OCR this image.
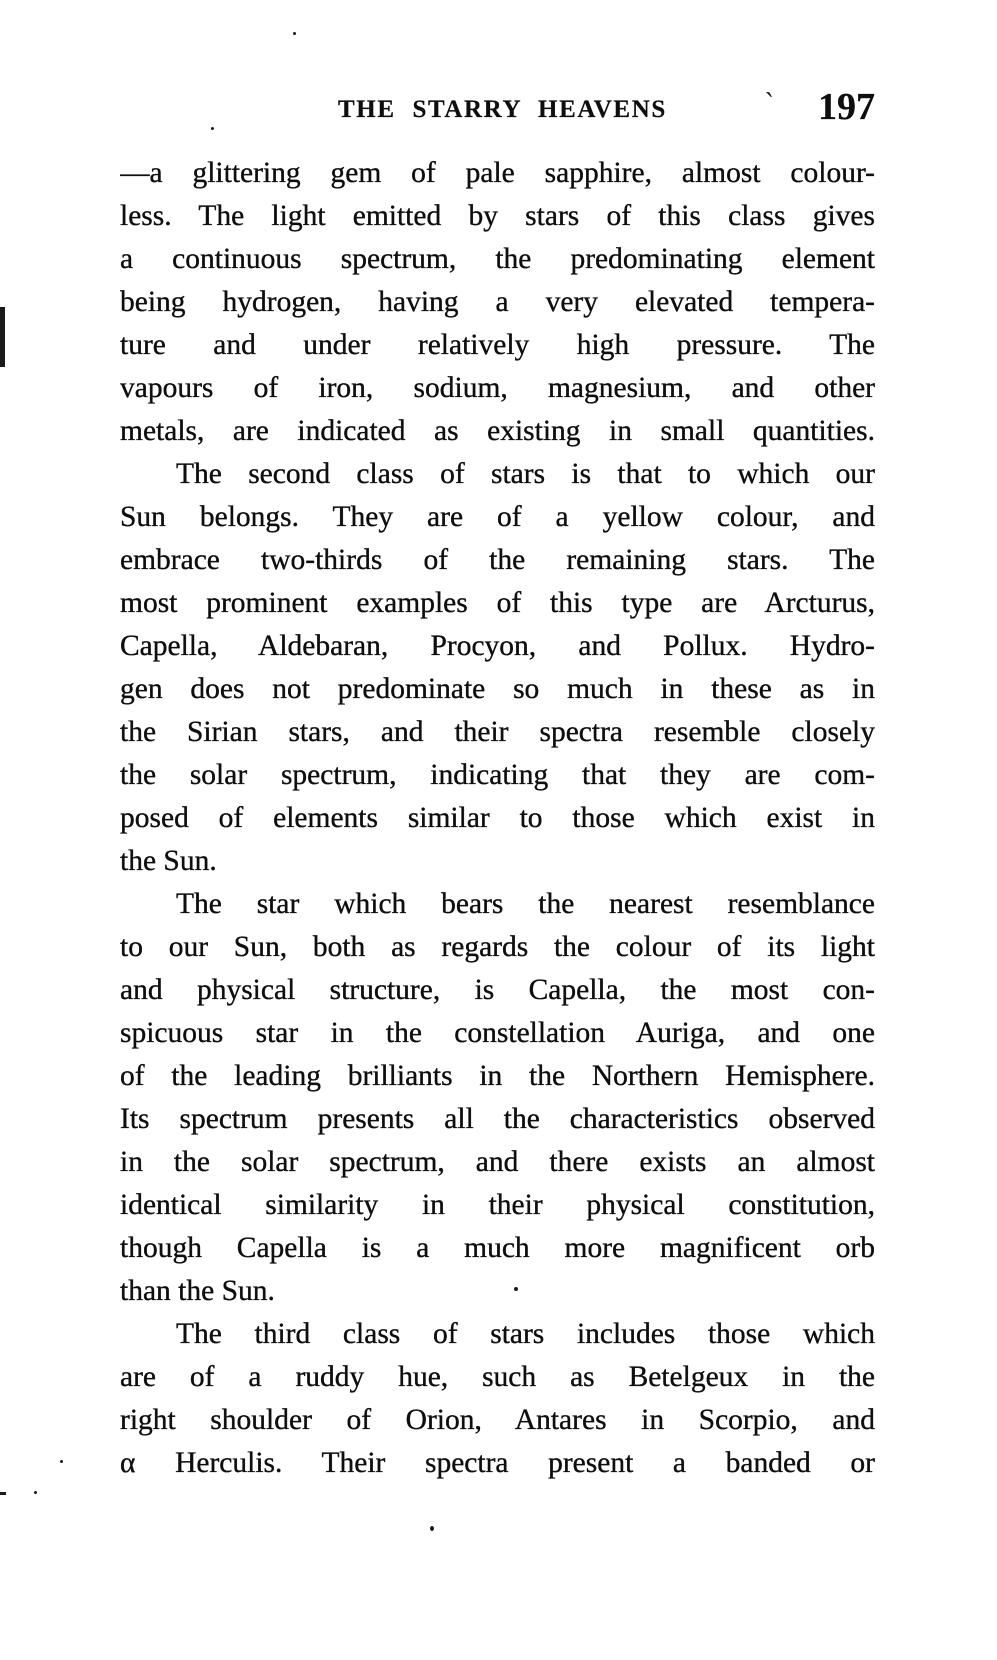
THE STARRY HEAVENS	ˋ 197
—a glittering gem of pale sapphire, almost colour-
less. The light emitted by stars of this class gives
a continuous spectrum, the predominating element
being hydrogen, having a very elevated tempera-
ture and under relatively high pressure. The
vapours of iron, sodium, magnesium, and other
metals, are indicated as existing in small quantities.
The second class of stars is that to which our
Sun belongs. They are of a yellow colour, and
embrace two-thirds of the remaining stars. The
most prominent examples of this type are Arcturus,
Capella, Aldebaran, Procyon, and Pollux. Hydro-
gen does not predominate so much in these as in
the Sirian stars, and their spectra resemble closely
the solar spectrum, indicating that they are com-
posed of elements similar to those which exist in
the Sun.
The star which bears the nearest resemblance
to our Sun, both as regards the colour of its light
and physical structure, is Capella, the most con-
spicuous star in the constellation Auriga, and one
of the leading brilliants in the Northern Hemisphere.
Its spectrum presents all the characteristics observed
in the solar spectrum, and there exists an almost
identical similarity in their physical constitution,
though Capella is a much more magnificent orb
than the Sun.
The third class of stars includes those which
are of a ruddy hue, such as Betelgeux in the
right shoulder of Orion, Antares in Scorpio, and
α Herculis. Their spectra present a banded or
